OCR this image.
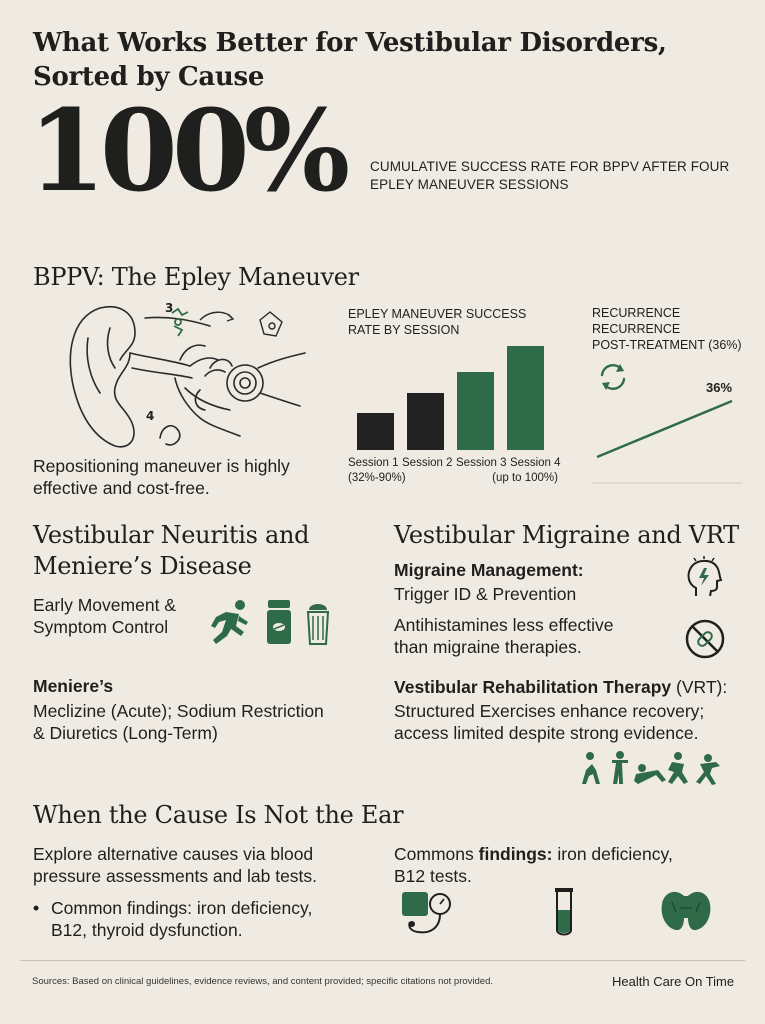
What Works Better for Vestibular Disorders,
Sorted by Cause
100% CUMULATIVE SUCCESS RATE FOR BPPV AFTER FOUR EPLEY MANEUVER SESSIONS
BPPV: The Epley Maneuver
3
4
Repositioning maneuver is highly effective and cost-free.
EPLEY MANEUVER SUCCESS RATE BY SESSION
Session 1
(32%-90%)
Session 2 Session 3 Session 4
(up to 100%)
RECURRENCE
RECURRENCE
POST-TREATMENT (36%)
36%
Vestibular Neuritis and
Meniere’s Disease
Early Movement &
Symptom Control
Meniere’s
Meclizine (Acute); Sodium Restriction
& Diuretics (Long-Term)
Vestibular Migraine and VRT
Migraine Management:
Trigger ID & Prevention
Antihistamines less effective
than migraine therapies.
Vestibular Rehabilitation Therapy (VRT):
Structured Exercises enhance recovery;
access limited despite strong evidence.
When the Cause Is Not the Ear
Explore alternative causes via blood
pressure assessments and lab tests.
• Common findings: iron deficiency,
B12, thyroid dysfunction.
Commons findings: iron deficiency,
B12 tests.
Sources: Based on clinical guidelines, evidence reviews, and content provided; specific citations not provided.	Health Care On Time
